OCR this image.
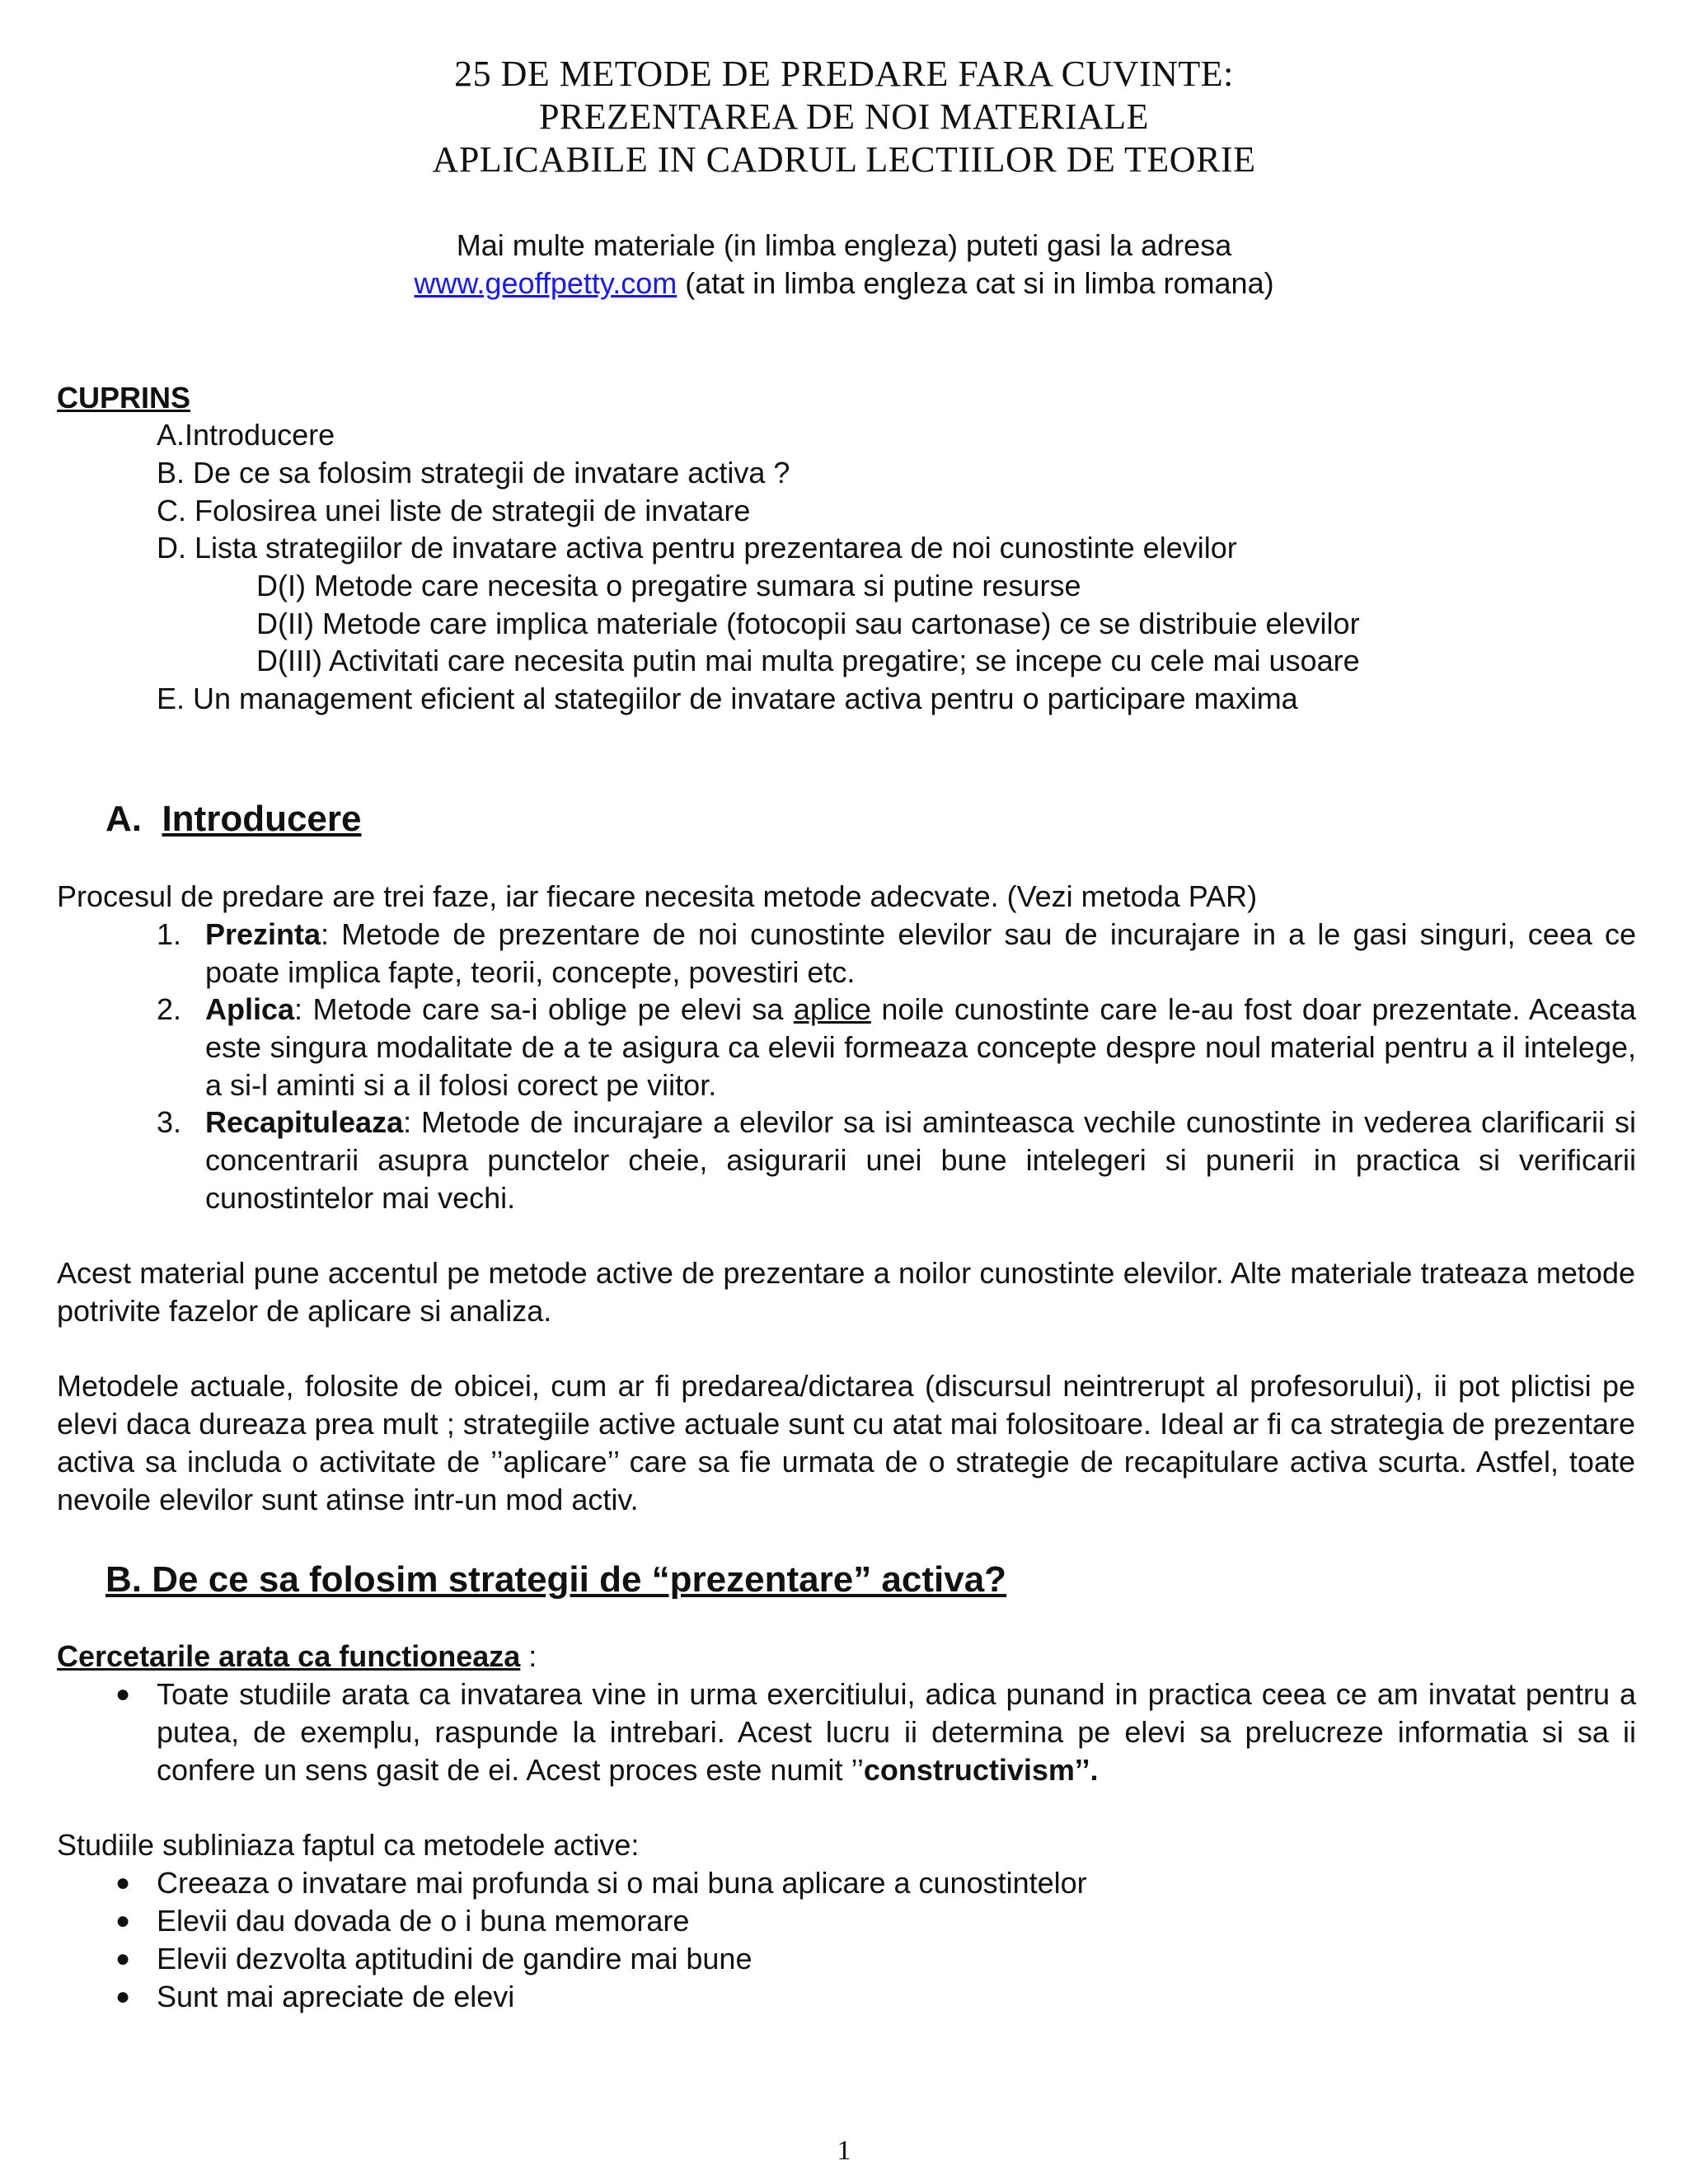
25 DE METODE DE PREDARE FARA CUVINTE:
PREZENTAREA DE NOI MATERIALE
APLICABILE IN CADRUL LECTIILOR DE TEORIE
Mai multe materiale (in limba engleza) puteti gasi la adresa
www.geoffpetty.com (atat in limba engleza cat si in limba romana)
CUPRINS
A.Introducere
B. De ce sa folosim strategii de invatare activa ?
C. Folosirea unei liste de strategii de invatare
D. Lista strategiilor de invatare activa pentru prezentarea de noi cunostinte elevilor
D(I) Metode care necesita o pregatire sumara si putine resurse
D(II) Metode care implica materiale (fotocopii sau cartonase) ce se distribuie elevilor
D(III) Activitati care necesita putin mai multa pregatire; se incepe cu cele mai usoare
E. Un management eficient al stategiilor de invatare activa pentru o participare maxima
A. Introducere
Procesul de predare are trei faze, iar fiecare necesita metode adecvate. (Vezi metoda PAR)
1. Prezinta: Metode de prezentare de noi cunostinte elevilor sau de incurajare in a le gasi singuri, ceea ce poate implica fapte, teorii, concepte, povestiri etc.
2. Aplica: Metode care sa-i oblige pe elevi sa aplice noile cunostinte care le-au fost doar prezentate. Aceasta este singura modalitate de a te asigura ca elevii formeaza concepte despre noul material pentru a il intelege, a si-l aminti si a il folosi corect pe viitor.
3. Recapituleaza: Metode de incurajare a elevilor sa isi aminteasca vechile cunostinte in vederea clarificarii si concentrarii asupra punctelor cheie, asigurarii unei bune intelegeri si punerii in practica si verificarii cunostintelor mai vechi.
Acest material pune accentul pe metode active de prezentare a noilor cunostinte elevilor. Alte materiale trateaza metode potrivite fazelor de aplicare si analiza.
Metodele actuale, folosite de obicei, cum ar fi predarea/dictarea (discursul neintrerupt al profesorului), ii pot plictisi pe elevi daca dureaza prea mult ; strategiile active actuale sunt cu atat mai folositoare. Ideal ar fi ca strategia de prezentare activa sa includa o activitate de ’’aplicare’’ care sa fie urmata de o strategie de recapitulare activa scurta. Astfel, toate nevoile elevilor sunt atinse intr-un mod activ.
B. De ce sa folosim strategii de “prezentare” activa?
Cercetarile arata ca functioneaza :
● Toate studiile arata ca invatarea vine in urma exercitiului, adica punand in practica ceea ce am invatat pentru a putea, de exemplu, raspunde la intrebari. Acest lucru ii determina pe elevi sa prelucreze informatia si sa ii confere un sens gasit de ei. Acest proces este numit ’’constructivism’’.
Studiile subliniaza faptul ca metodele active:
● Creeaza o invatare mai profunda si o mai buna aplicare a cunostintelor
● Elevii dau dovada de o i buna memorare
● Elevii dezvolta aptitudini de gandire mai bune
● Sunt mai apreciate de elevi
1
